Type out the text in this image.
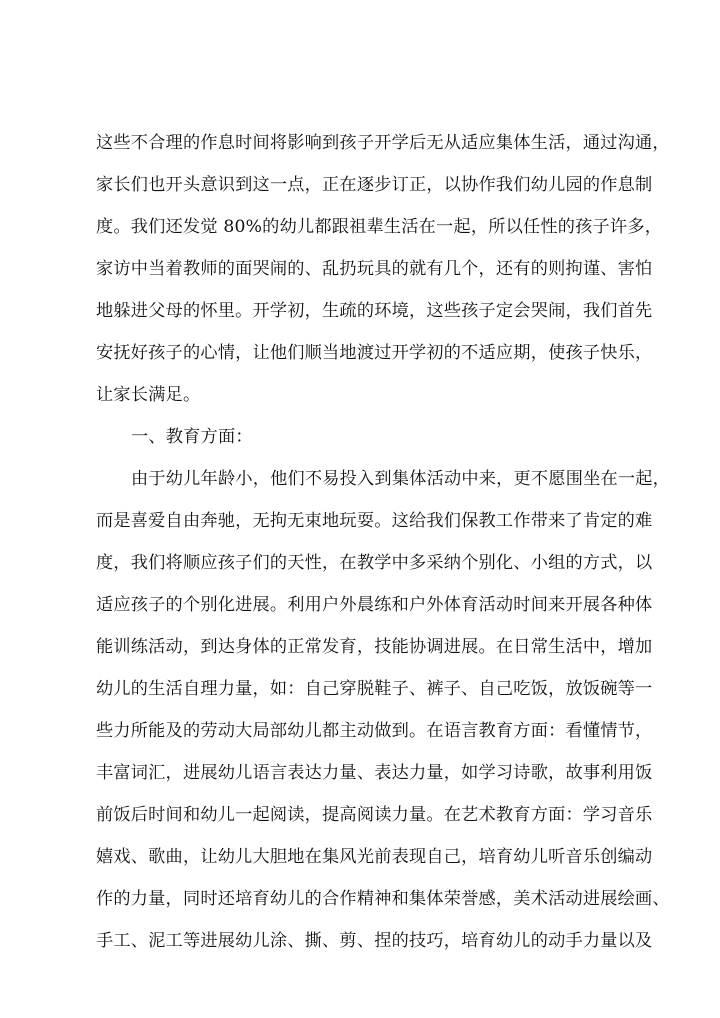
这些不合理的作息时间将影响到孩子开学后无从适应集体生活，通过沟通，
家长们也开头意识到这一点，正在逐步订正，以协作我们幼儿园的作息制
度。我们还发觉 80%的幼儿都跟祖辈生活在一起，所以任性的孩子许多，
家访中当着教师的面哭闹的、乱扔玩具的就有几个，还有的则拘谨、害怕
地躲进父母的怀里。开学初，生疏的环境，这些孩子定会哭闹，我们首先
安抚好孩子的心情，让他们顺当地渡过开学初的不适应期，使孩子快乐，
让家长满足。
一、教育方面：
由于幼儿年龄小，他们不易投入到集体活动中来，更不愿围坐在一起，
而是喜爱自由奔驰，无拘无束地玩耍。这给我们保教工作带来了肯定的难
度，我们将顺应孩子们的天性，在教学中多采纳个别化、小组的方式，以
适应孩子的个别化进展。利用户外晨练和户外体育活动时间来开展各种体
能训练活动，到达身体的正常发育，技能协调进展。在日常生活中，增加
幼儿的生活自理力量，如：自己穿脱鞋子、裤子、自己吃饭，放饭碗等一
些力所能及的劳动大局部幼儿都主动做到。在语言教育方面：看懂情节，
丰富词汇，进展幼儿语言表达力量、表达力量，如学习诗歌，故事利用饭
前饭后时间和幼儿一起阅读，提高阅读力量。在艺术教育方面：学习音乐
嬉戏、歌曲，让幼儿大胆地在集风光前表现自己，培育幼儿听音乐创编动
作的力量，同时还培育幼儿的合作精神和集体荣誉感，美术活动进展绘画、
手工、泥工等进展幼儿涂、撕、剪、捏的技巧，培育幼儿的动手力量以及
